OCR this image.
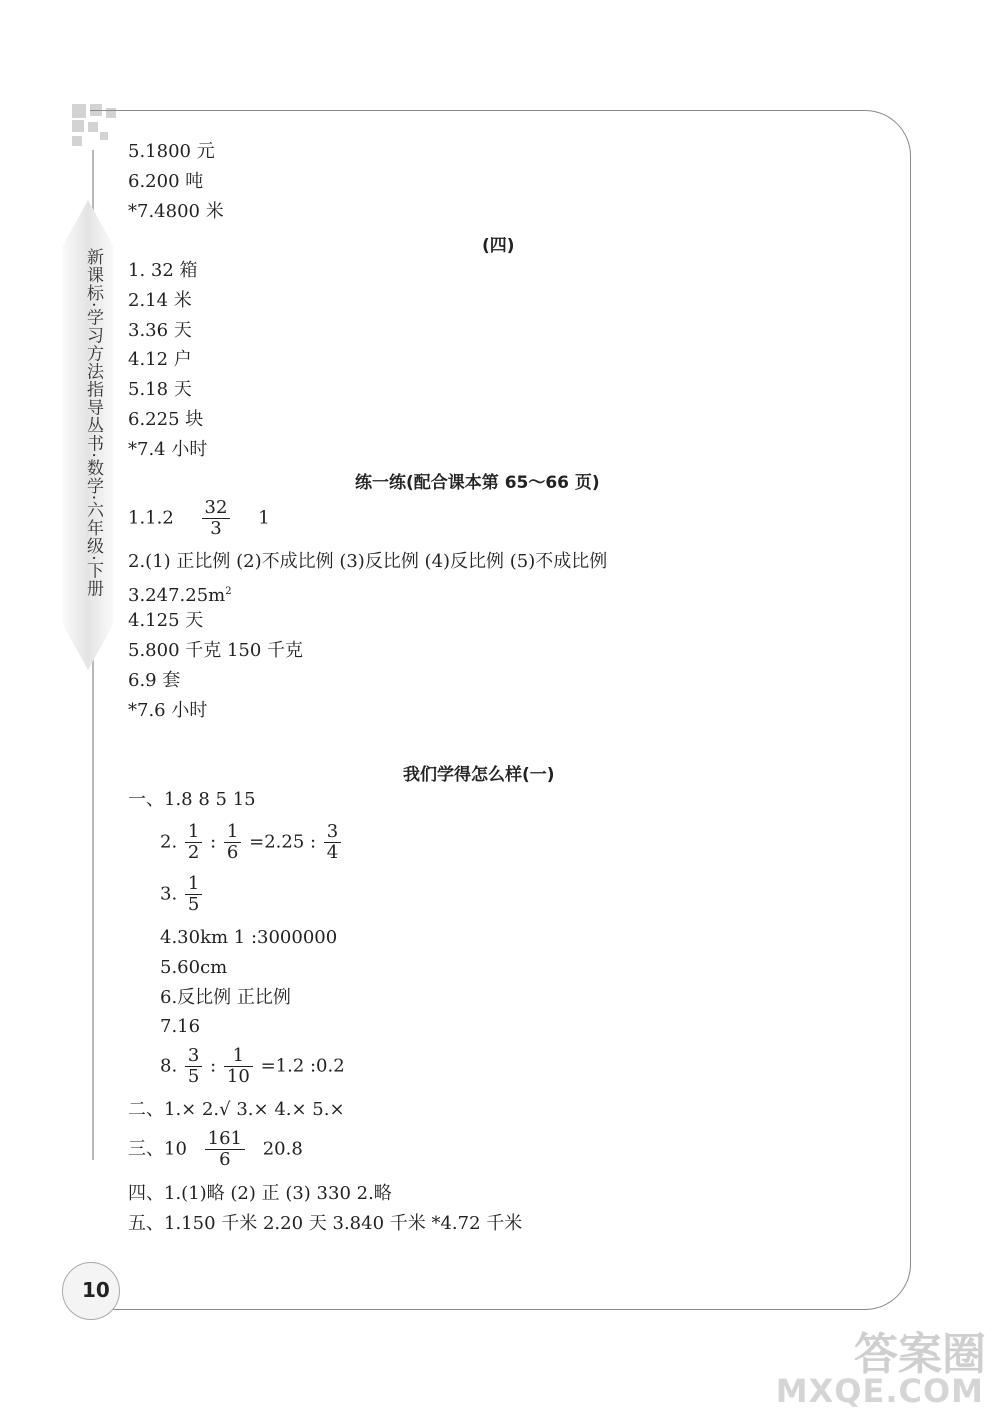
新课标·学习方法指导丛书·数学·六年级·下册
5.1800 元
6.200 吨
*7.4800 米
(四)
1. 32 箱
2.14 米
3.36 天
4.12 户
5.18 天
6.225 块
*7.4 小时
练一练(配合课本第 65～66 页)
$1.1.2 \frac{32}{3} 1$
2.(1) 正比例 (2)不成比例 (3)反比例 (4)反比例 (5)不成比例
$3.247.25m^2$
4.125 天
5.800 千克 150 千克
6.9 套
*7.6 小时
我们学得怎么样(一)
一、1.8 8 5 15
2. $\frac{1}{2}$ : $\frac{1}{6} =2.25$ : $\frac{3}{4}$
3. $\frac{1}{5}$
4.30km 1 :3000000
5.60cm
6.反比例 正比例
7.16
8. $\frac{3}{5}$ : $\frac{1}{10} =1.2$ :0.2
二、1.× 2.√ 3.× 4.× 5.×
三、$10 \frac{161}{6} 20.8$
四、1.(1)略 (2) 正 (3) 330 2.略
五、1.150 千米 2.20 天 3.840 千米 *4.72 千米
10
答案圈
MXQE.COM
